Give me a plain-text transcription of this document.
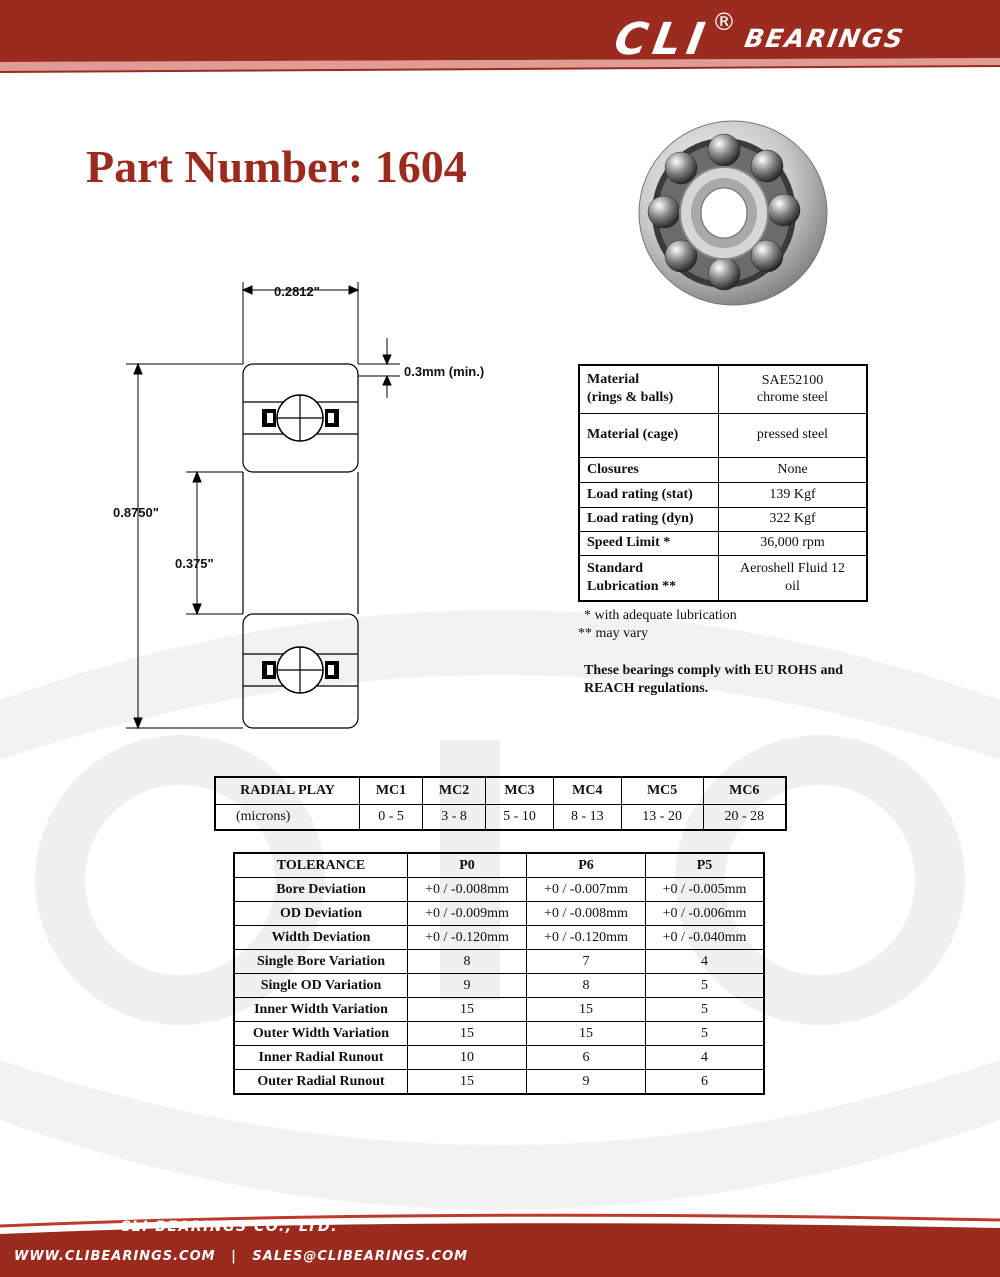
CLI
®
BEARINGS
Part Number: 1604
0.2812"
0.3mm (min.)
0.8750"
0.375"
Material
(rings & balls)	SAE52100
chrome steel
Material (cage)	pressed steel
Closures	None
Load rating (stat)	139 Kgf
Load rating (dyn)	322 Kgf
Speed Limit *	36,000 rpm
Standard
Lubrication **	Aeroshell Fluid 12
oil
* with adequate lubrication
** may vary
These bearings comply with EU ROHS and REACH regulations.
RADIAL PLAY	MC1	MC2	MC3	MC4	MC5	MC6
(microns)	0 - 5	3 - 8	5 - 10	8 - 13	13 - 20	20 - 28
TOLERANCE	P0	P6	P5
Bore Deviation	+0 / -0.008mm	+0 / -0.007mm	+0 / -0.005mm
OD Deviation	+0 / -0.009mm	+0 / -0.008mm	+0 / -0.006mm
Width Deviation	+0 / -0.120mm	+0 / -0.120mm	+0 / -0.040mm
Single Bore Variation	8	7	4
Single OD Variation	9	8	5
Inner Width Variation	15	15	5
Outer Width Variation	15	15	5
Inner Radial Runout	10	6	4
Outer Radial Runout	15	9	6
CLI BEARINGS CO., LTD.
WWW.CLIBEARINGS.COM | SALES@CLIBEARINGS.COM
